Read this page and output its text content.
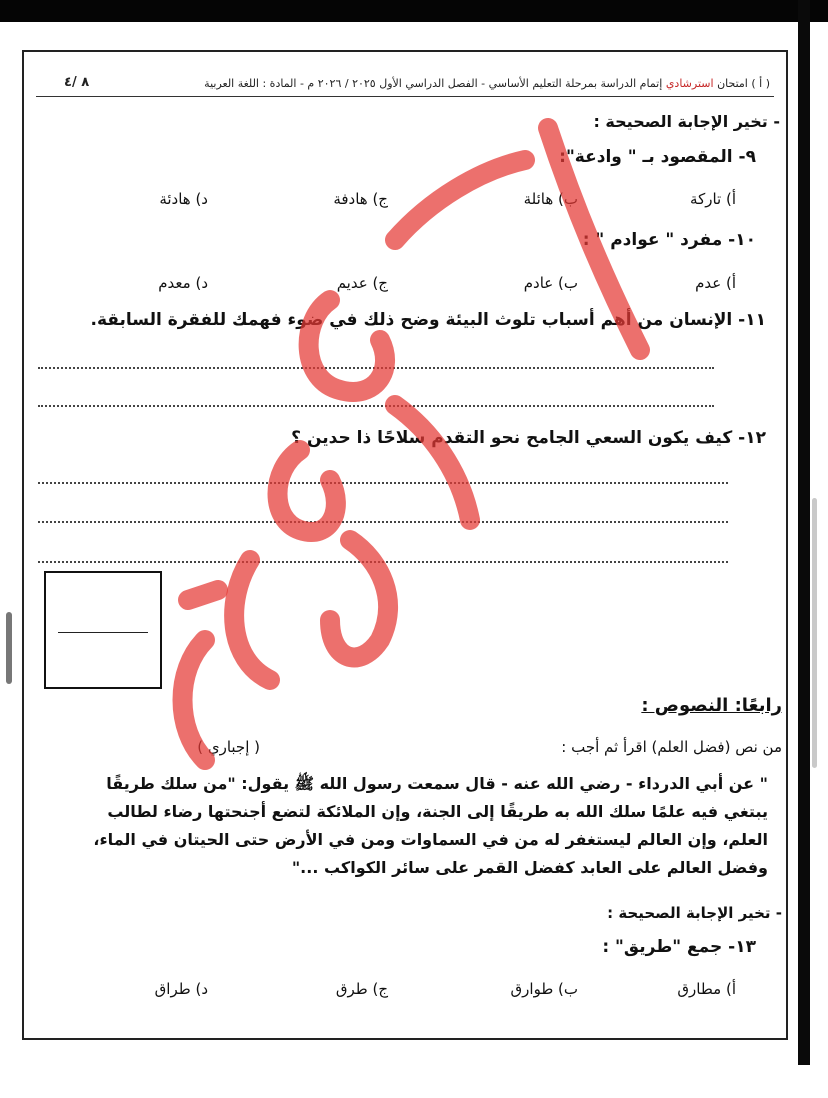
( أ ) امتحان استرشادي إتمام الدراسة بمرحلة التعليم الأساسي - الفصل الدراسي الأول ٢٠٢٥ / ٢٠٢٦ م - المادة : اللغة العربية
٨ /٤
- تخير الإجابة الصحيحة :
٩- المقصود بـ " وادعة":
أ) تاركة
ب) هائلة
ج) هادفة
د) هادئة
١٠- مفرد " عوادم " :
أ) عدم
ب) عادم
ج) عديم
د) معدم
١١- الإنسان من أهم أسباب تلوث البيئة وضح ذلك في ضوء فهمك للفقرة السابقة.
١٢- كيف يكون السعي الجامح نحو التقدم سلاحًا ذا حدين ؟
رابعًا: النصوص :
من نص (فضل العلم) اقرأ ثم أجب :
( إجباري )
" عن أبي الدرداء - رضي الله عنه - قال سمعت رسول الله ﷺ يقول: "من سلك طريقًا
يبتغي فيه علمًا سلك الله به طريقًا إلى الجنة، وإن الملائكة لتضع أجنحتها رضاء لطالب
العلم، وإن العالم ليستغفر له من في السماوات ومن في الأرض حتى الحيتان في الماء،
وفضل العالم على العابد كفضل القمر على سائر الكواكب ..."
- تخير الإجابة الصحيحة :
١٣- جمع "طريق" :
أ) مطارق
ب) طوارق
ج) طرق
د) طراق
